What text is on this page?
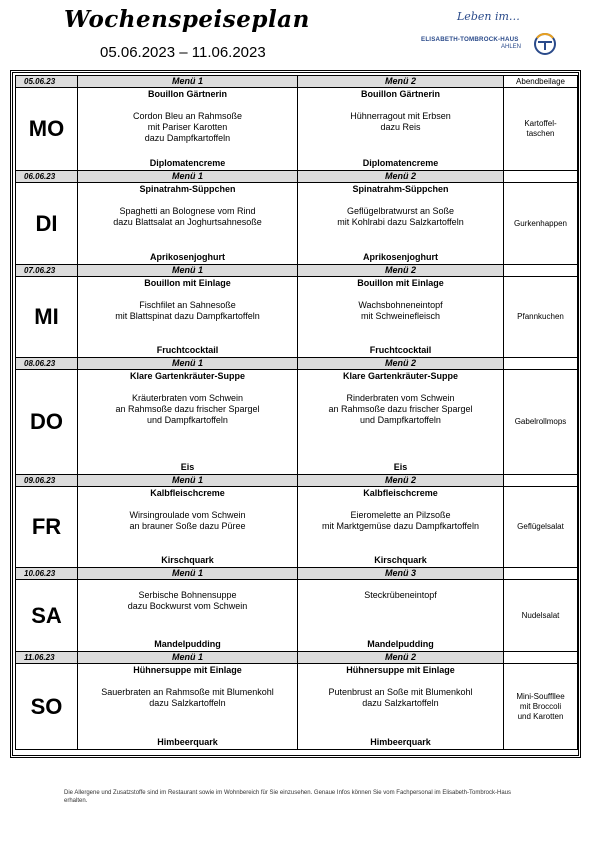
Wochenspeiseplan
05.06.2023 – 11.06.2023
Leben im…
ELISABETH-TOMBROCK-HAUS
AHLEN
05.06.23	Menü 1	Menü 2	Abendbeilage
MO	Bouillon Gärtnerin
Cordon Bleu an Rahmsoße
mit Pariser Karotten
dazu Dampfkartoffeln
Diplomatencreme	Bouillon Gärtnerin
Hühnerragout mit Erbsen
dazu Reis
Diplomatencreme	Kartoffel-
taschen
06.06.23	Menü 1	Menü 2	
DI	Spinatrahm-Süppchen
Spaghetti an Bolognese vom Rind
dazu Blattsalat an Joghurtsahnesoße
Aprikosenjoghurt	Spinatrahm-Süppchen
Geflügelbratwurst an Soße
mit Kohlrabi dazu Salzkartoffeln
Aprikosenjoghurt	Gurkenhappen
07.06.23	Menü 1	Menü 2	
MI	Bouillon mit Einlage
Fischfilet an Sahnesoße
mit Blattspinat dazu Dampfkartoffeln
Fruchtcocktail	Bouillon mit Einlage
Wachsbohneneintopf
mit Schweinefleisch
Fruchtcocktail	Pfannkuchen
08.06.23	Menü 1	Menü 2	
DO	Klare Gartenkräuter-Suppe
Kräuterbraten vom Schwein
an Rahmsoße dazu frischer Spargel
und Dampfkartoffeln
Eis	Klare Gartenkräuter-Suppe
Rinderbraten vom Schwein
an Rahmsoße dazu frischer Spargel
und Dampfkartoffeln
Eis	Gabelrollmops
09.06.23	Menü 1	Menü 2	
FR	Kalbfleischcreme
Wirsingroulade vom Schwein
an brauner Soße dazu Püree
Kirschquark	Kalbfleischcreme
Eieromelette an Pilzsoße
mit Marktgemüse dazu Dampfkartoffeln
Kirschquark	Geflügelsalat
10.06.23	Menü 1	Menü 3	
SA	Serbische Bohnensuppe
dazu Bockwurst vom Schwein
Mandelpudding	Steckrübeneintopf
Mandelpudding	Nudelsalat
11.06.23	Menü 1	Menü 2	
SO	Hühnersuppe mit Einlage
Sauerbraten an Rahmsoße mit Blumenkohl
dazu Salzkartoffeln
Himbeerquark	Hühnersuppe mit Einlage
Putenbrust an Soße mit Blumenkohl
dazu Salzkartoffeln
Himbeerquark	Mini-Souffllee
mit Broccoli
und Karotten
Die Allergene und Zusatzstoffe sind im Restaurant sowie im Wohnbereich für Sie einzusehen. Genaue Infos können Sie vom Fachpersonal im Elisabeth-Tombrock-Haus erhalten.
